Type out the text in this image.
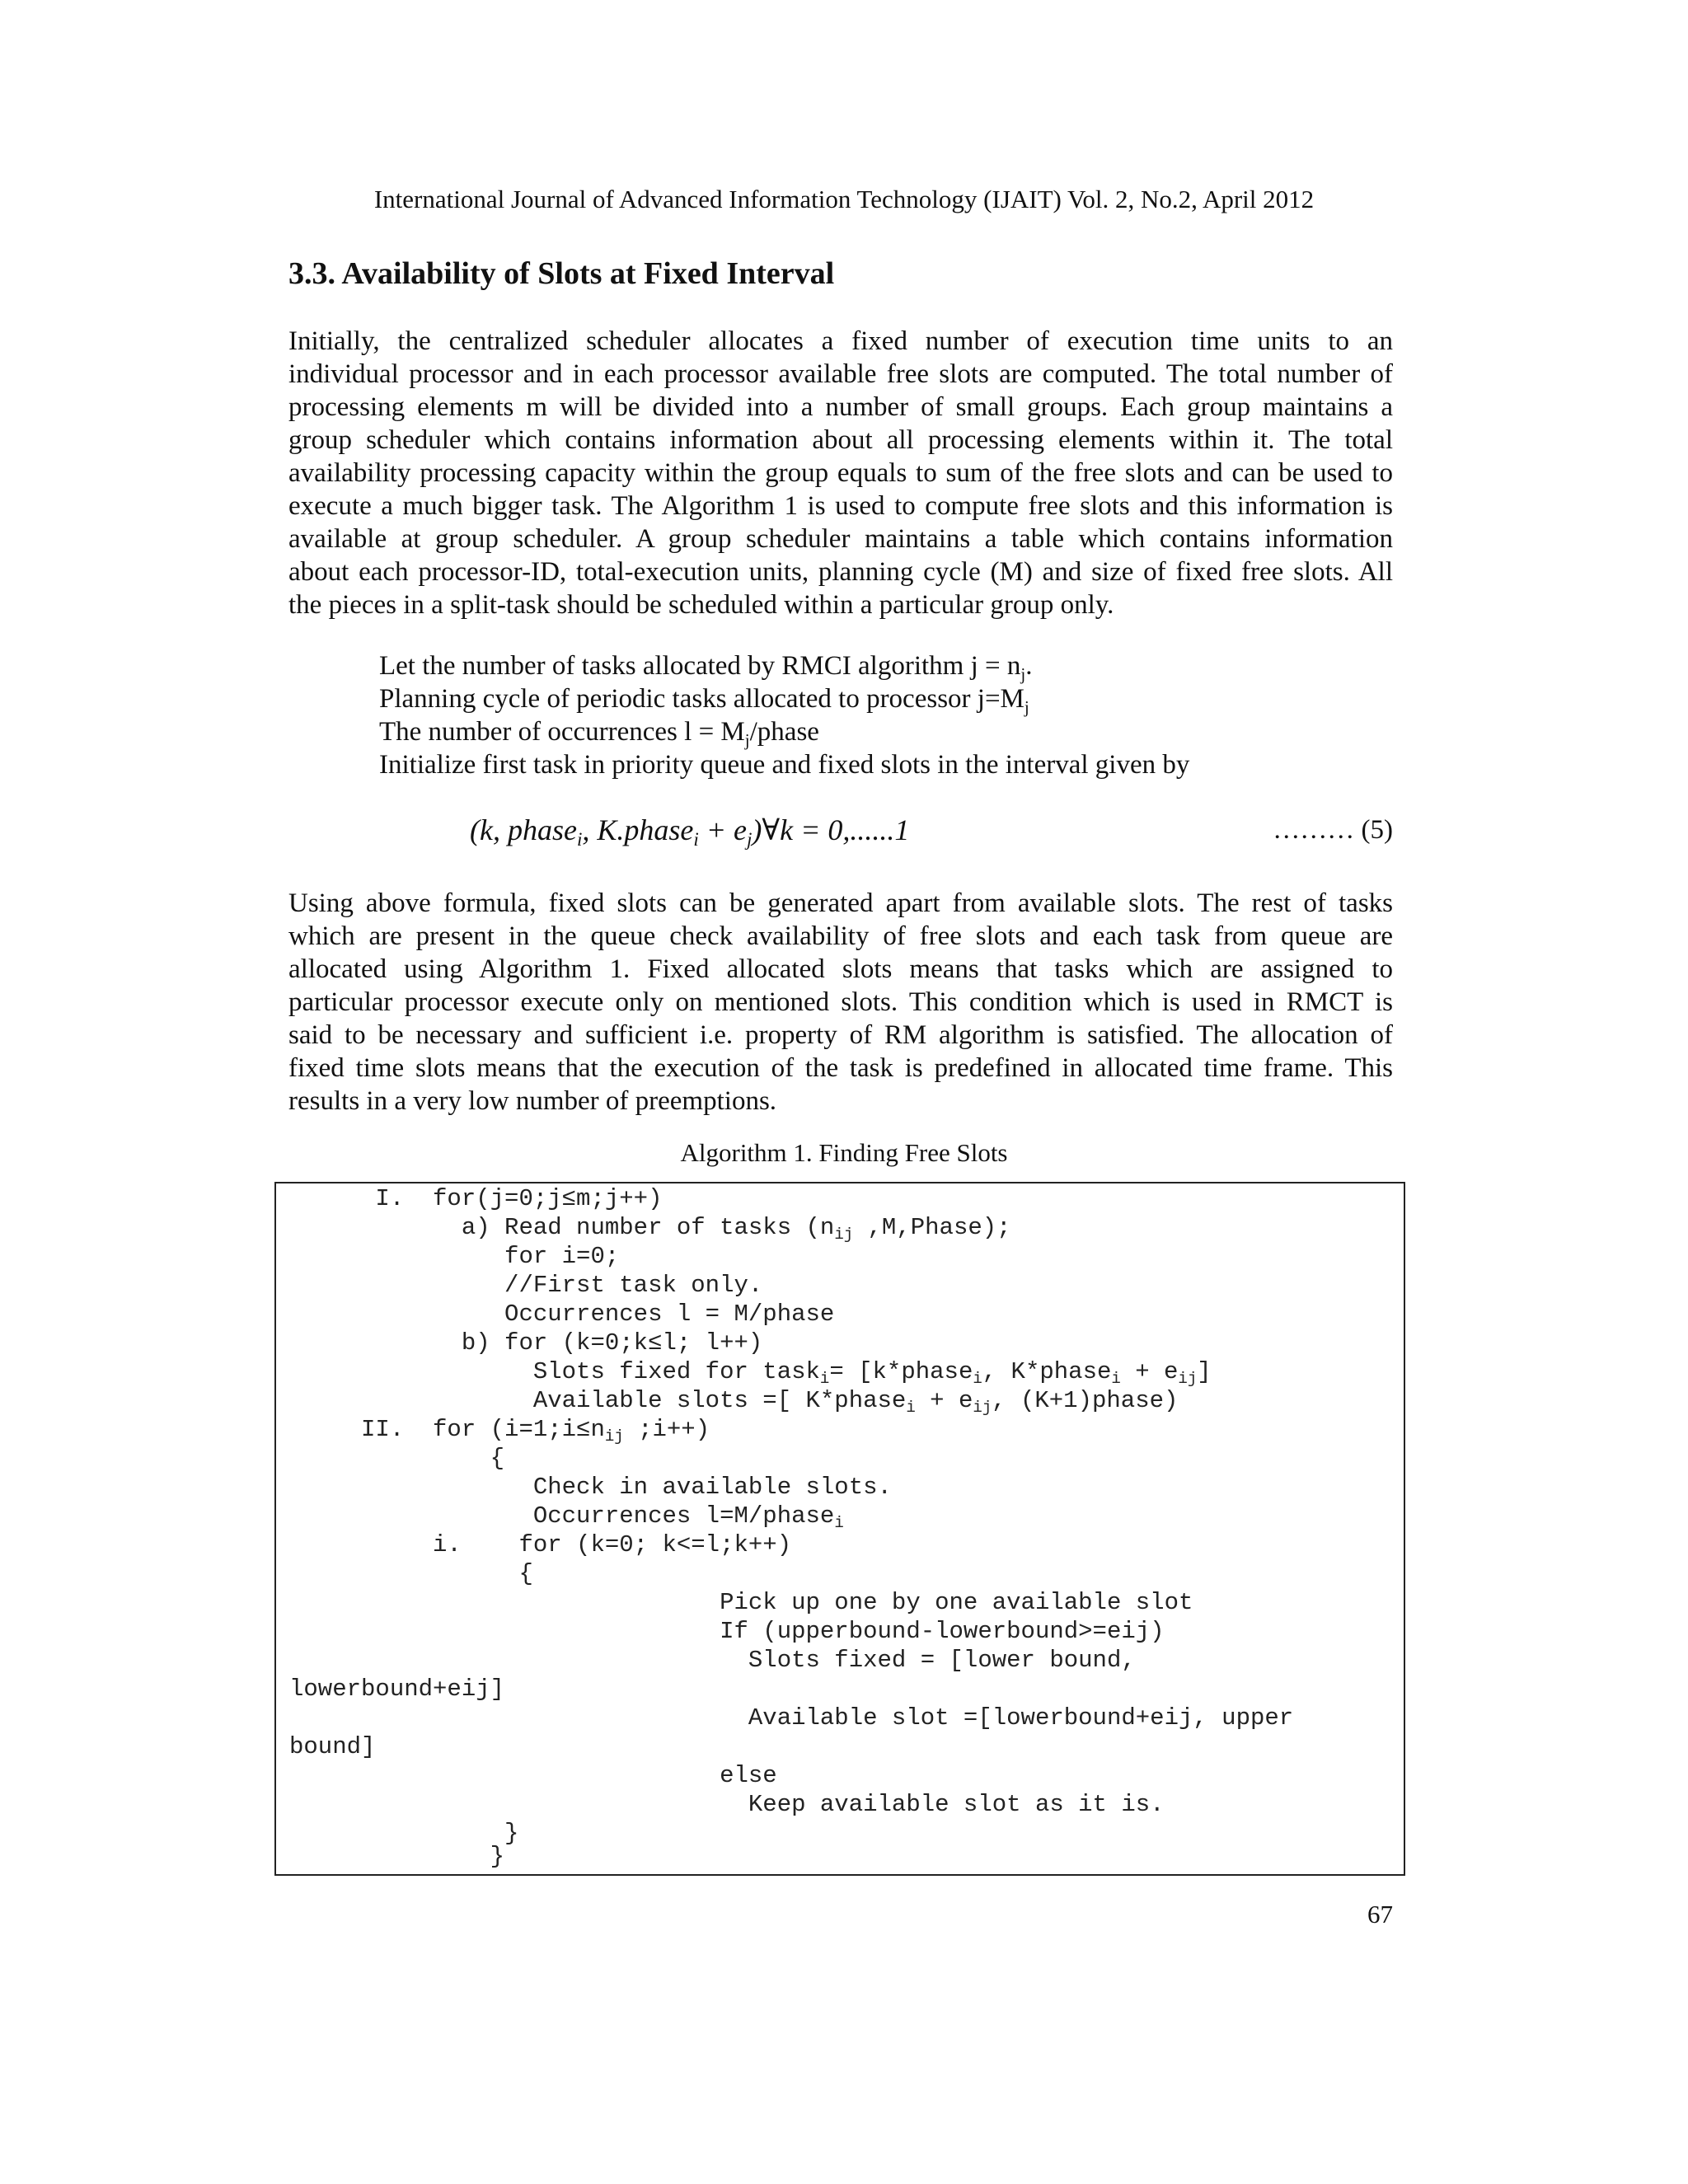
International Journal of Advanced Information Technology (IJAIT) Vol. 2, No.2, April 2012

3.3. Availability of Slots at Fixed Interval
Initially, the centralized scheduler allocates a fixed number of execution time units to an
individual processor and in each processor available free slots are computed. The total number of
processing elements m will be divided into a number of small groups. Each group maintains a
group scheduler which contains information about all processing elements within it. The total
availability processing capacity within the group equals to sum of the free slots and can be used to
execute a much bigger task. The Algorithm 1 is used to compute free slots and this information is
available at group scheduler. A group scheduler maintains a table which contains information
about each processor-ID, total-execution units, planning cycle (M) and size of fixed free slots. All
the pieces in a split-task should be scheduled within a particular group only.
Let the number of tasks allocated by RMCI algorithm $j = n_j$.
Planning cycle of periodic tasks allocated to processor $j=M_j$
The number of occurrences $l = M_j$/phase
Initialize first task in priority queue and fixed slots in the interval given by
(k, phase$_i$, K.phase$_i$ + $e_j)\forall k = 0,......1$	……… (5)
Using above formula, fixed slots can be generated apart from available slots. The rest of tasks
which are present in the queue check availability of free slots and each task from queue are
allocated using Algorithm 1. Fixed allocated slots means that tasks which are assigned to
particular processor execute only on mentioned slots. This condition which is used in RMCT is
said to be necessary and sufficient i.e. property of RM algorithm is satisfied. The allocation of
fixed time slots means that the execution of the task is predefined in allocated time frame. This
results in a very low number of preemptions.

Algorithm 1. Finding Free Slots

I.  for(j=0;j≤m;j++)
a) Read number of tasks ($n_{ij}$ ,M,Phase);
for i=0;
//First task only.
Occurrences l = M/phase
b) for (k=0;k≤l; l++)
Slots fixed for task$_i$= [k*phase$_i$, K*phase$_i$ + $e_{ij}$]
Available slots =[ K*phase$_i$ + $e_{ij}$, (K+1)phase)
II.  for ($i=1;i\le n_{ij}$ ;i++)
{
Check in available slots.
Occurrences l=M/phase$_i$
i.    for (k=0; k<=l;k++)
{
Pick up one by one available slot
If (upperbound-lowerbound>=eij)
Slots fixed = [lower bound,
lowerbound+eij]
Available slot =[lowerbound+eij, upper
bound]
else
Keep available slot as it is.
}
}
67
